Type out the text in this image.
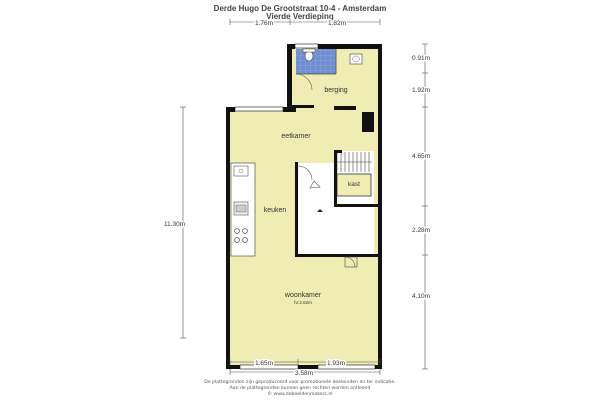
Derde Hugo De Grootstraat 10-4 - Amsterdam
Vierde Verdieping
berging
eetkamer
kast
keuken
woonkamer
hr:2.62m
1.76m	1.82m
0.91m
1.92m
4.65m
2.28m
4.10m
11.30m
1.65m	1.93m
3.58m
De plattegronden zijn geproduceerd voor promotionele doeleinden en ter indicatie.
Aan de plattegronden kunnen geen rechten worden ontleend
© www.debeeldenmakers.nl
